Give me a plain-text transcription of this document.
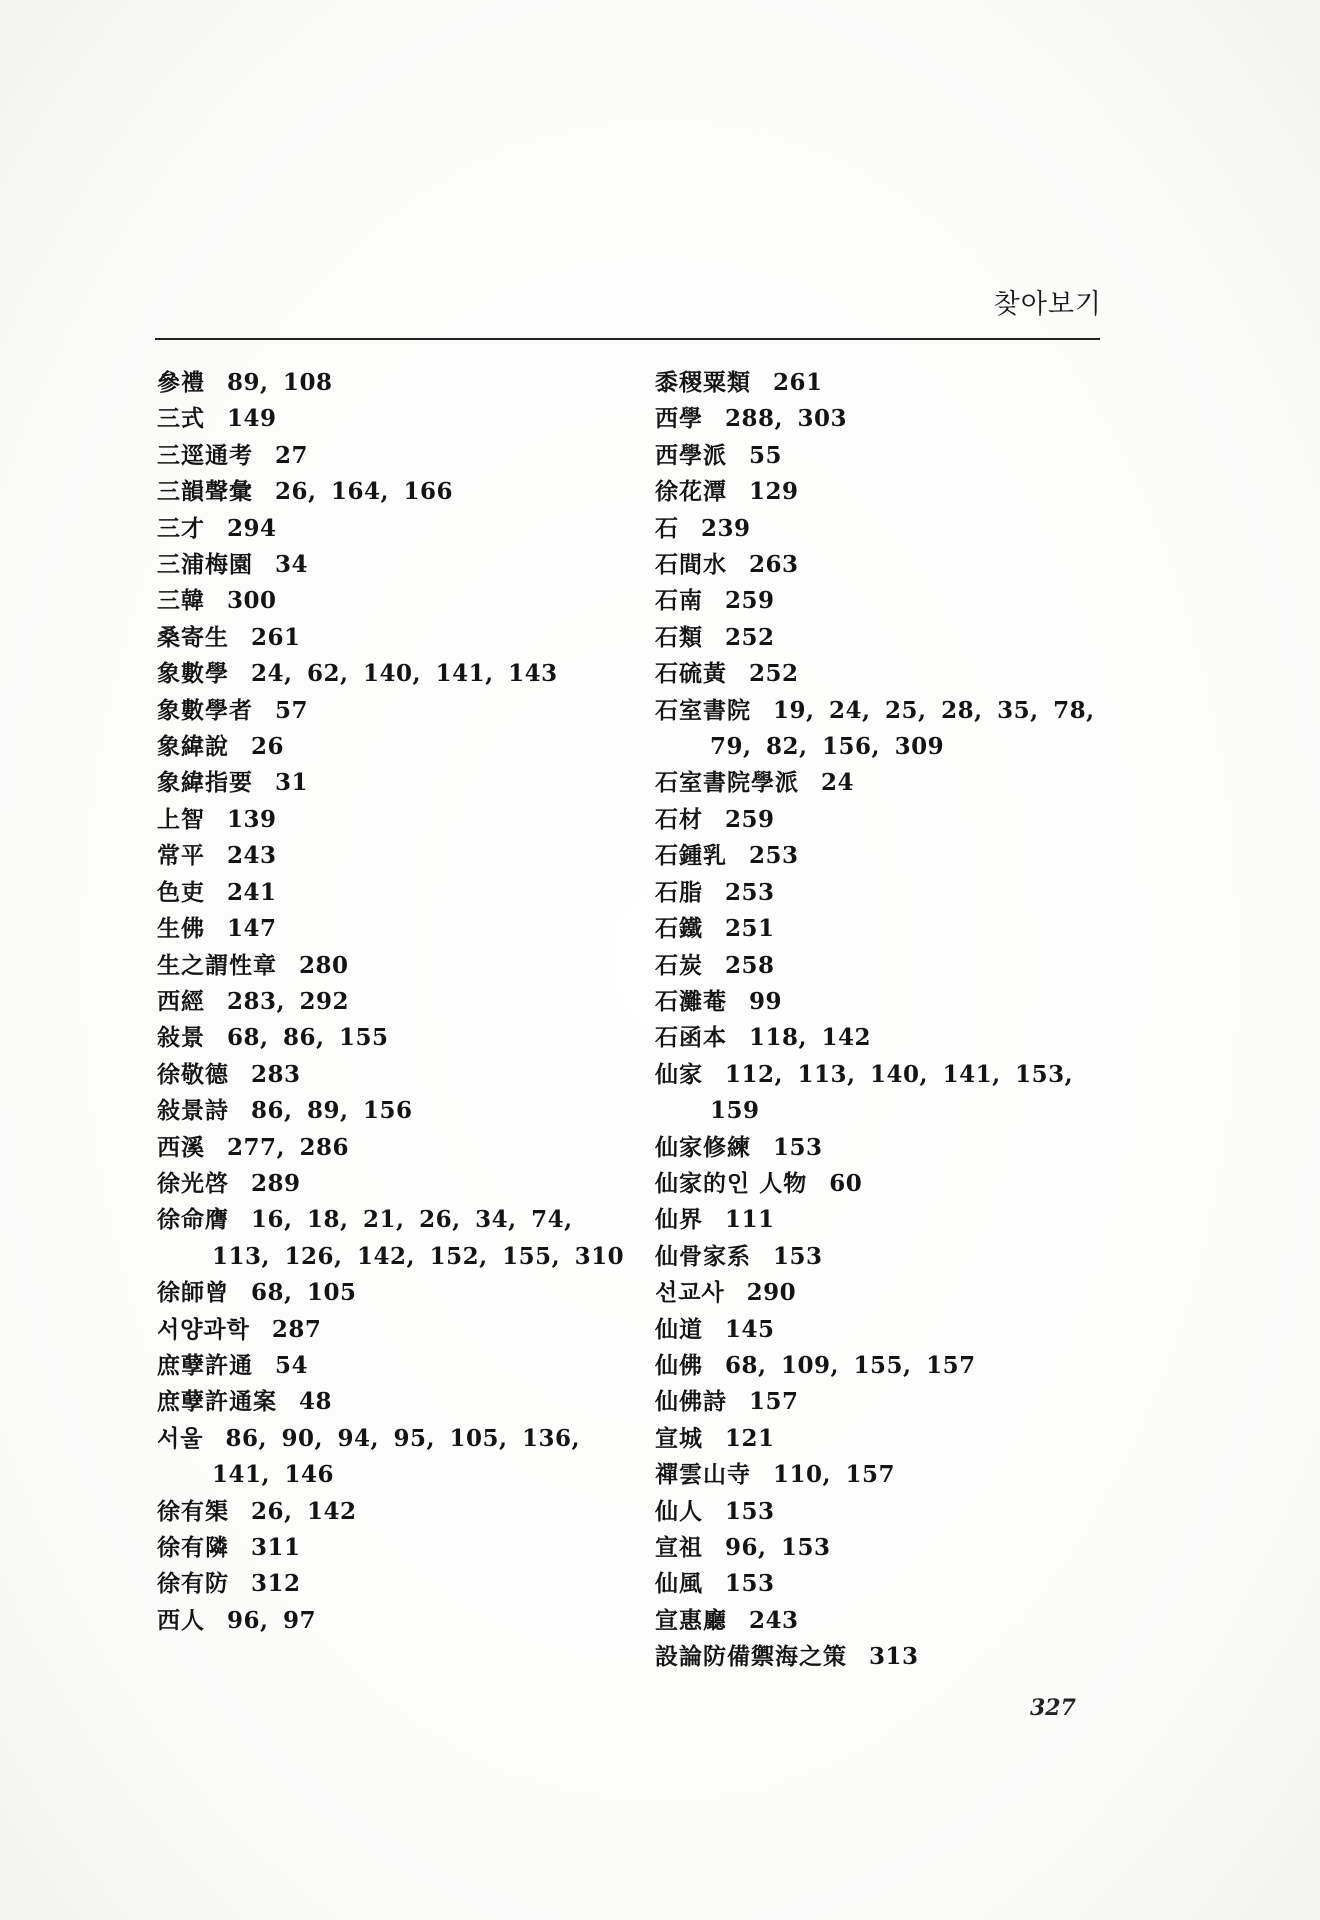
찾아보기
參禮 89, 108
三式 149
三逕通考 27
三韻聲彙 26, 164, 166
三才 294
三浦梅園 34
三韓 300
桑寄生 261
象數學 24, 62, 140, 141, 143
象數學者 57
象緯說 26
象緯指要 31
上智 139
常平 243
色吏 241
生佛 147
生之謂性章 280
西經 283, 292
敍景 68, 86, 155
徐敬德 283
敍景詩 86, 89, 156
西溪 277, 286
徐光啓 289
徐命膺 16, 18, 21, 26, 34, 74, 113, 126, 142, 152, 155, 310
徐師曾 68, 105
서양과학 287
庶孽許通 54
庶孽許通案 48
서울 86, 90, 94, 95, 105, 136, 141, 146
徐有榘 26, 142
徐有隣 311
徐有防 312
西人 96, 97
黍稷粟類 261
西學 288, 303
西學派 55
徐花潭 129
石 239
石間水 263
石南 259
石類 252
石硫黃 252
石室書院 19, 24, 25, 28, 35, 78, 79, 82, 156, 309
石室書院學派 24
石材 259
石鍾乳 253
石脂 253
石鐵 251
石炭 258
石灘菴 99
石函本 118, 142
仙家 112, 113, 140, 141, 153, 159
仙家修練 153
仙家的인 人物 60
仙界 111
仙骨家系 153
선교사 290
仙道 145
仙佛 68, 109, 155, 157
仙佛詩 157
宣城 121
禪雲山寺 110, 157
仙人 153
宣祖 96, 153
仙風 153
宣惠廳 243
設論防備禦海之策 313
327
